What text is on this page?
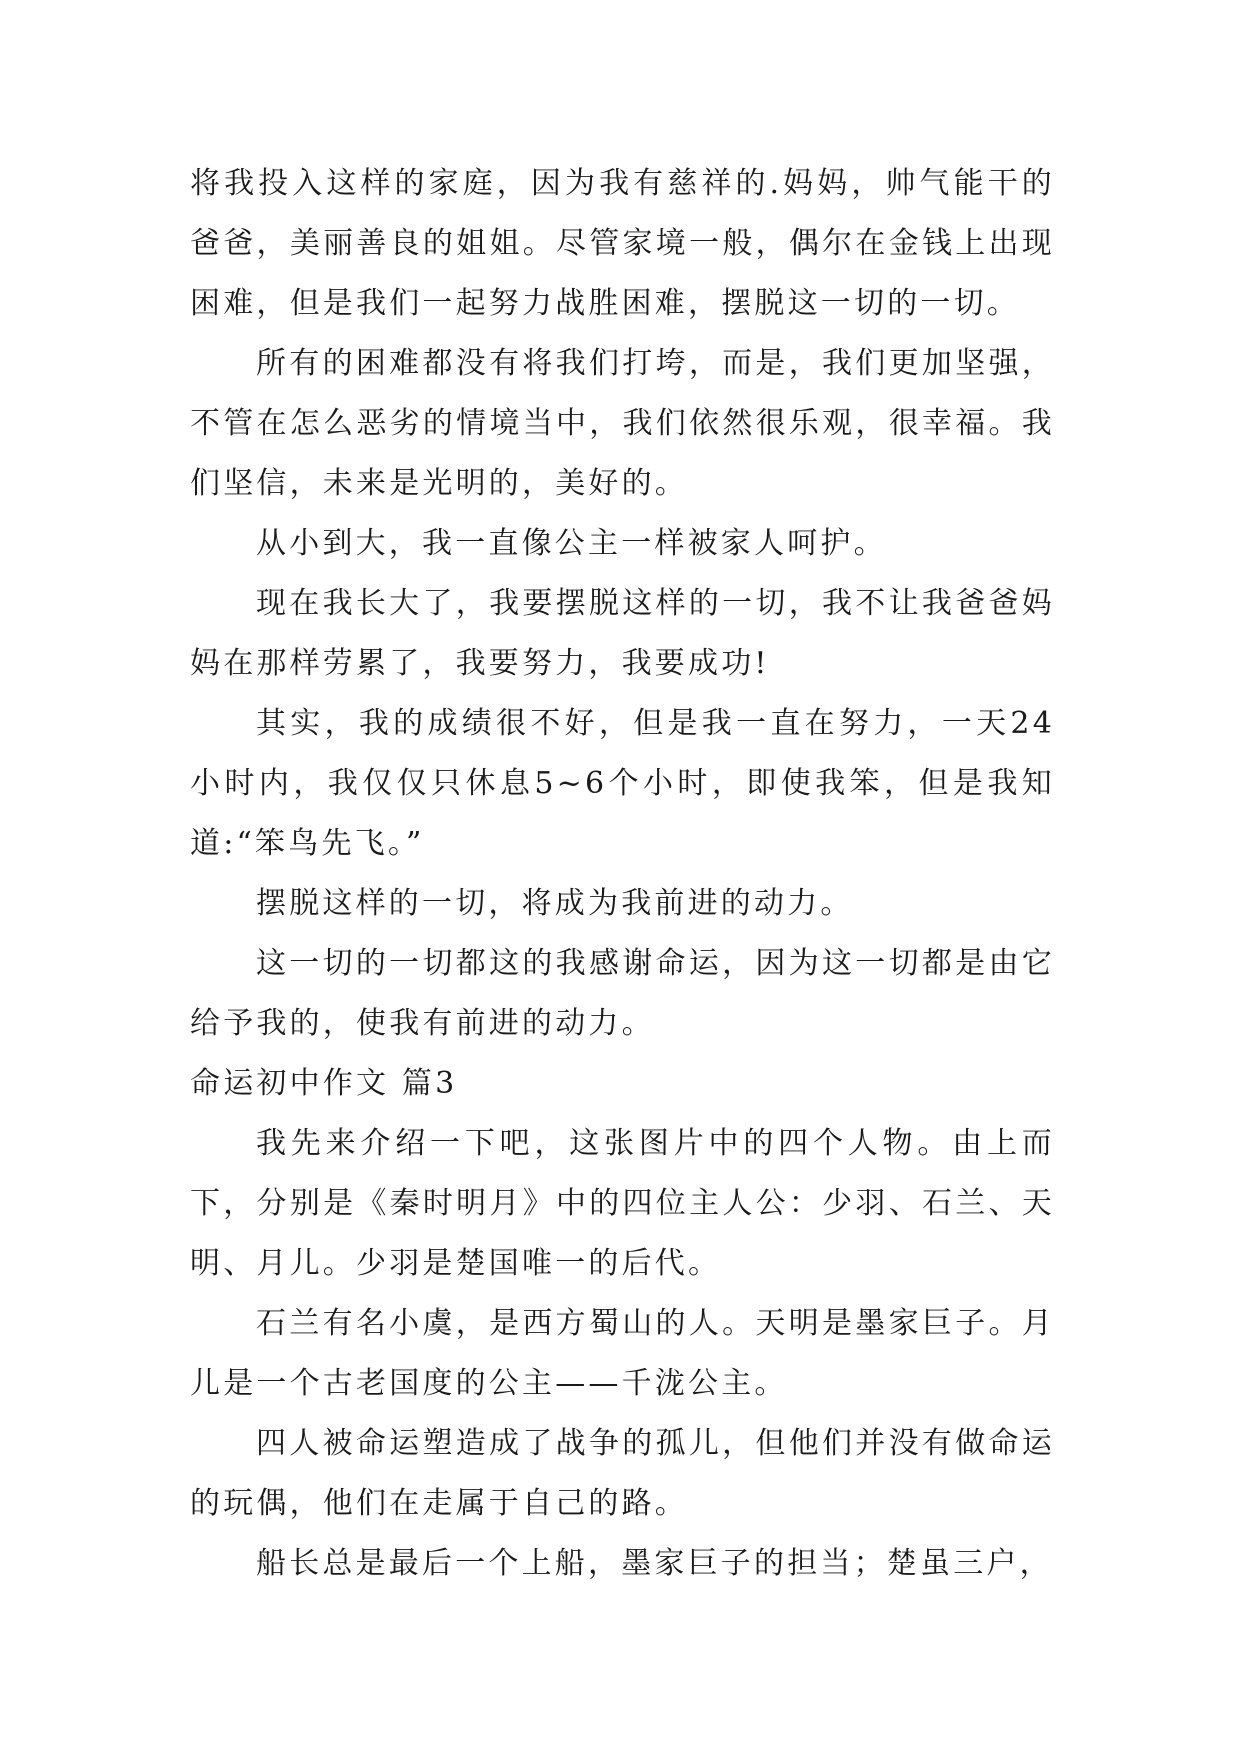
将我投入这样的家庭，因为我有慈祥的.妈妈，帅气能干的爸爸，美丽善良的姐姐。尽管家境一般，偶尔在金钱上出现困难，但是我们一起努力战胜困难，摆脱这一切的一切。

所有的困难都没有将我们打垮，而是，我们更加坚强，不管在怎么恶劣的情境当中，我们依然很乐观，很幸福。我们坚信，未来是光明的，美好的。

从小到大，我一直像公主一样被家人呵护。

现在我长大了，我要摆脱这样的一切，我不让我爸爸妈妈在那样劳累了，我要努力，我要成功!

其实，我的成绩很不好，但是我一直在努力，一天24小时内，我仅仅只休息5~6个小时，即使我笨，但是我知道:“笨鸟先飞。”

摆脱这样的一切，将成为我前进的动力。

这一切的一切都这的我感谢命运，因为这一切都是由它给予我的，使我有前进的动力。

命运初中作文 篇3

我先来介绍一下吧，这张图片中的四个人物。由上而下，分别是《秦时明月》中的四位主人公：少羽、石兰、天明、月儿。少羽是楚国唯一的后代。

石兰有名小虞，是西方蜀山的人。天明是墨家巨子。月儿是一个古老国度的公主——千泷公主。

四人被命运塑造成了战争的孤儿，但他们并没有做命运的玩偶，他们在走属于自己的路。

船长总是最后一个上船，墨家巨子的担当；楚虽三户，
